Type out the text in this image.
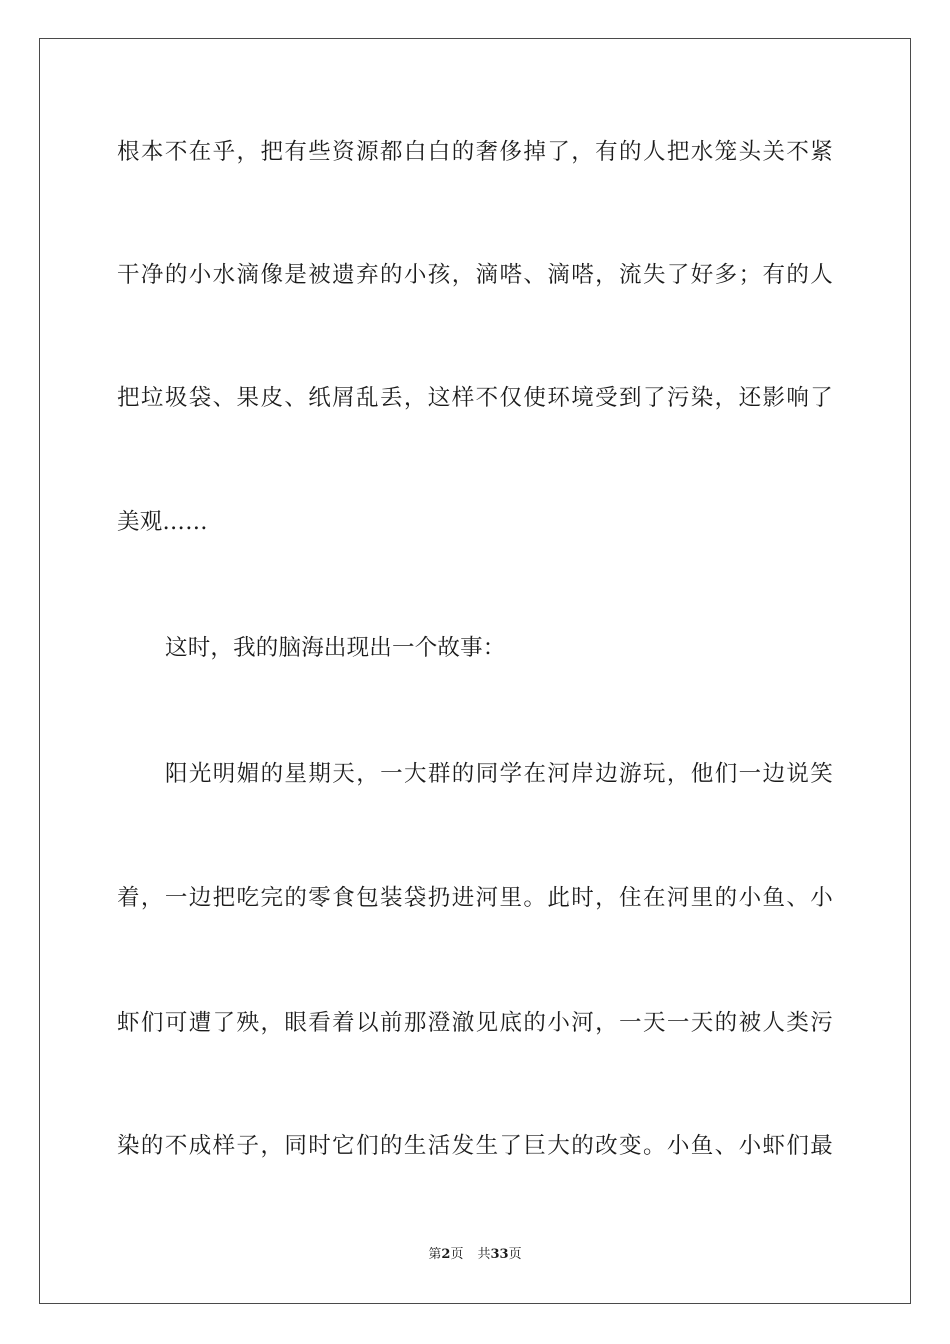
根本不在乎，把有些资源都白白的奢侈掉了，有的人把水笼头关不紧
干净的小水滴像是被遗弃的小孩，滴嗒、滴嗒，流失了好多；有的人
把垃圾袋、果皮、纸屑乱丢，这样不仅使环境受到了污染，还影响了
美观……
这时，我的脑海出现出一个故事：
阳光明媚的星期天，一大群的同学在河岸边游玩，他们一边说笑
着，一边把吃完的零食包装袋扔进河里。此时，住在河里的小鱼、小
虾们可遭了殃，眼看着以前那澄澈见底的小河，一天一天的被人类污
染的不成样子，同时它们的生活发生了巨大的改变。小鱼、小虾们最
第2页 共33页
